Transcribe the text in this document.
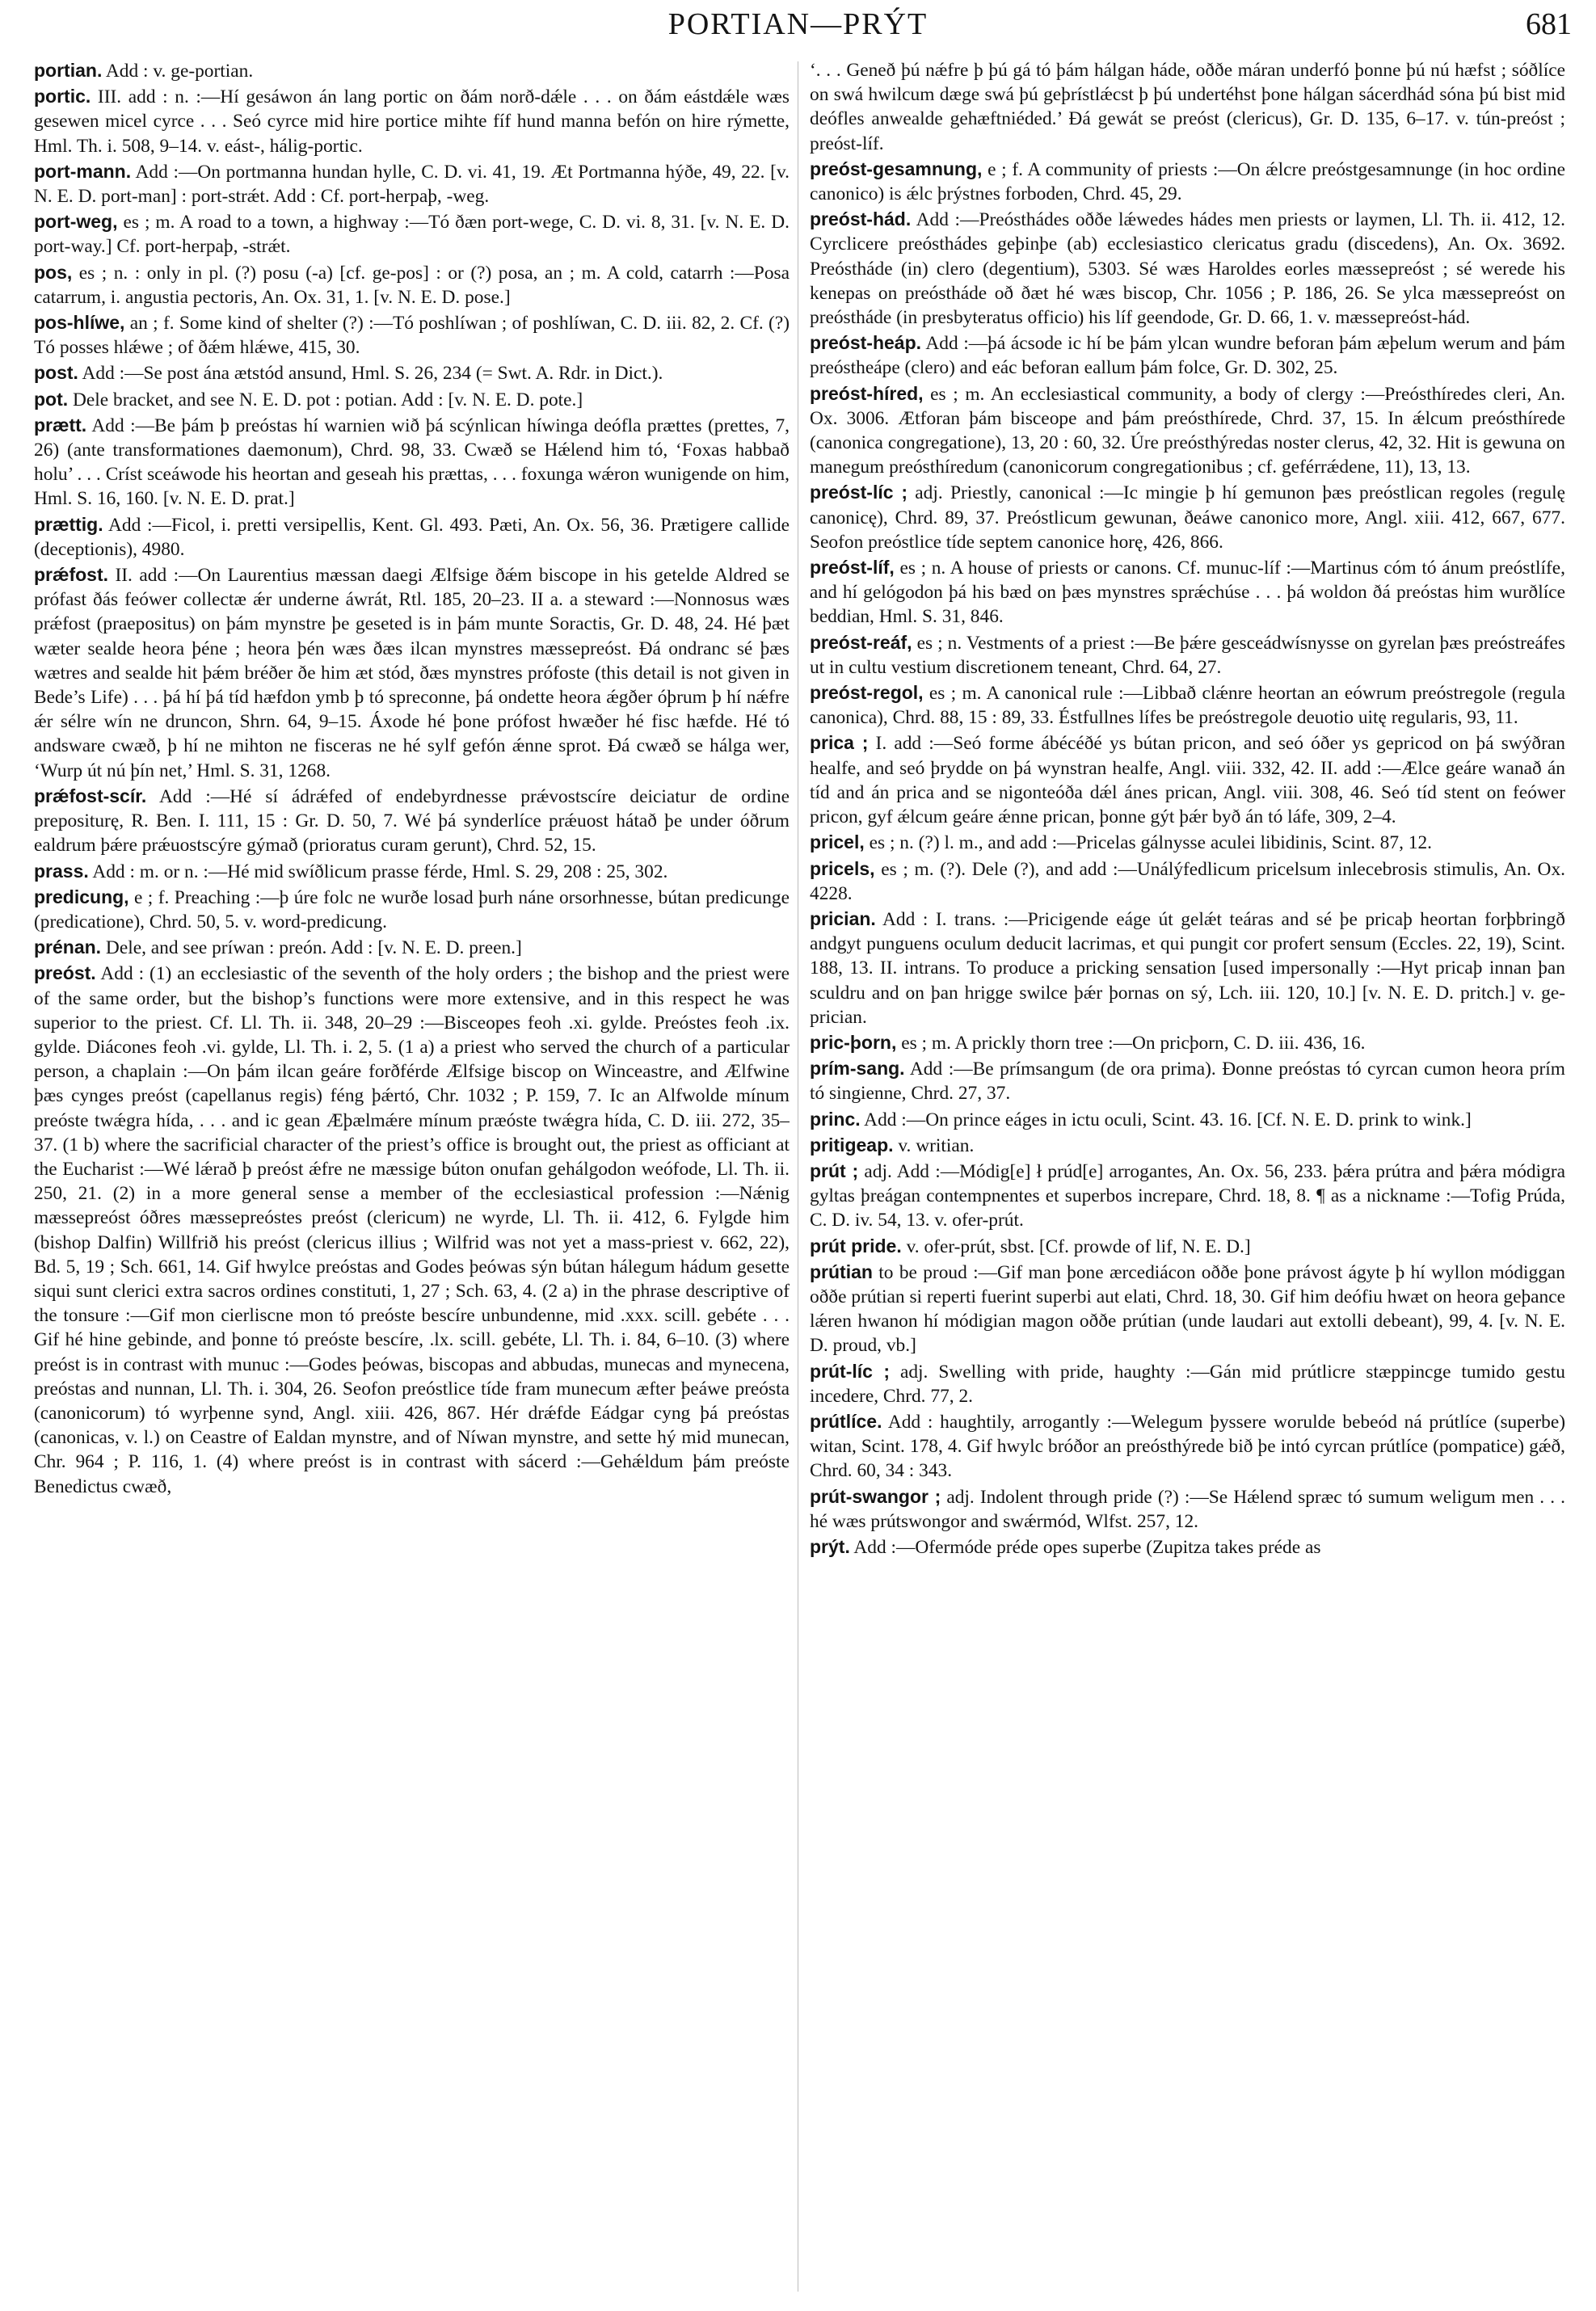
PORTIAN—PRÝT	681

portian. Add : v. ge-portian.

portic. III. add : n. :—Hí gesáwon án lang portic on ðám norð-dǽle . . . on ðám eástdǽle wæs gesewen micel cyrce . . . Seó cyrce mid hire portice mihte fíf hund manna befón on hire rýmette, Hml. Th. i. 508, 9–14. v. eást-, hálig-portic.

port-mann. Add :—On portmanna hundan hylle, C. D. vi. 41, 19. Æt Portmanna hýðe, 49, 22. [v. N. E. D. port-man] : port-strǽt. Add : Cf. port-herpaþ, -weg.

port-weg, es ; m. A road to a town, a highway :—Tó ðæn port-wege, C. D. vi. 8, 31. [v. N. E. D. port-way.] Cf. port-herpaþ, -strǽt.

pos, es ; n. : only in pl. (?) posu (-a) [cf. ge-pos] : or (?) posa, an ; m. A cold, catarrh :—Posa catarrum, i. angustia pectoris, An. Ox. 31, 1. [v. N. E. D. pose.]

pos-hlíwe, an ; f. Some kind of shelter (?) :—Tó poshlíwan ; of poshlíwan, C. D. iii. 82, 2. Cf. (?) Tó posses hlǽwe ; of ðǽm hlǽwe, 415, 30.

post. Add :—Se post ána ætstód ansund, Hml. S. 26, 234 (= Swt. A. Rdr. in Dict.).

pot. Dele bracket, and see N. E. D. pot : potian. Add : [v. N. E. D. pote.]

prætt. Add :—Be þám þ preóstas hí warnien wið þá scýnlican híwinga deófla prættes (prettes, 7, 26) (ante transformationes daemonum), Chrd. 98, 33. Cwæð se Hǽlend him tó, ‘Foxas habbað holu’ . . . Críst sceáwode his heortan and geseah his prættas, . . . foxunga wǽron wunigende on him, Hml. S. 16, 160. [v. N. E. D. prat.]

prættig. Add :—Ficol, i. pretti versipellis, Kent. Gl. 493. Pæti, An. Ox. 56, 36. Prætigere callide (deceptionis), 4980.

prǽfost. II. add :—On Laurentius mæssan daegi Ælfsige ðǽm biscope in his getelde Aldred se prófast ðás feówer collectæ ǽr underne áwrát, Rtl. 185, 20–23. II a. a steward :—Nonnosus wæs prǽfost (praepositus) on þám mynstre þe geseted is in þám munte Soractis, Gr. D. 48, 24. Hé þæt wæter sealde heora þéne ; heora þén wæs ðæs ilcan mynstres mæssepreóst. Ðá ondranc sé þæs wætres and sealde hit þǽm bréðer ðe him æt stód, ðæs mynstres prófoste (this detail is not given in Bede’s Life) . . . þá hí þá tíd hæfdon ymb þ tó spreconne, þá ondette heora ǽgðer óþrum þ hí nǽfre ǽr sélre wín ne druncon, Shrn. 64, 9–15. Áxode hé þone prófost hwæðer hé fisc hæfde. Hé tó andsware cwæð, þ hí ne mihton ne fisceras ne hé sylf gefón ǽnne sprot. Ðá cwæð se hálga wer, ‘Wurp út nú þín net,’ Hml. S. 31, 1268.

prǽfost-scír. Add :—Hé sí ádrǽfed of endebyrdnesse prǽvostscíre deiciatur de ordine prepositurę, R. Ben. I. 111, 15 : Gr. D. 50, 7. Wé þá synderlíce prǽuost hátað þe under óðrum ealdrum þǽre prǽuostscýre gýmað (prioratus curam gerunt), Chrd. 52, 15.

prass. Add : m. or n. :—Hé mid swíðlicum prasse férde, Hml. S. 29, 208 : 25, 302.

predicung, e ; f. Preaching :—þ úre folc ne wurðe losad þurh náne orsorhnesse, bútan predicunge (predicatione), Chrd. 50, 5. v. word-predicung.

prénan. Dele, and see príwan : preón. Add : [v. N. E. D. preen.]

preóst. Add : (1) an ecclesiastic of the seventh of the holy orders ; the bishop and the priest were of the same order, but the bishop’s functions were more extensive, and in this respect he was superior to the priest. Cf. Ll. Th. ii. 348, 20–29 :—Bisceopes feoh .xi. gylde. Preóstes feoh .ix. gylde. Diácones feoh .vi. gylde, Ll. Th. i. 2, 5. (1 a) a priest who served the church of a particular person, a chaplain :—On þám ilcan geáre forðférde Ælfsige biscop on Winceastre, and Ælfwine þæs cynges preóst (capellanus regis) féng þǽrtó, Chr. 1032 ; P. 159, 7. Ic an Alfwolde mínum preóste twǽgra hída, . . . and ic gean Æþælmǽre mínum præóste twǽgra hída, C. D. iii. 272, 35–37. (1 b) where the sacrificial character of the priest’s office is brought out, the priest as officiant at the Eucharist :—Wé lǽrað þ preóst ǽfre ne mæssige búton onufan gehálgodon weófode, Ll. Th. ii. 250, 21. (2) in a more general sense a member of the ecclesiastical profession :—Nǽnig mæssepreóst óðres mæssepreóstes preóst (clericum) ne wyrde, Ll. Th. ii. 412, 6. Fylgde him (bishop Dalfin) Willfrið his preóst (clericus illius ; Wilfrid was not yet a mass-priest v. 662, 22), Bd. 5, 19 ; Sch. 661, 14. Gif hwylce preóstas and Godes þeówas sýn bútan hálegum hádum gesette siqui sunt clerici extra sacros ordines constituti, 1, 27 ; Sch. 63, 4. (2 a) in the phrase descriptive of the tonsure :—Gif mon cierliscne mon tó preóste bescíre unbundenne, mid .xxx. scill. gebéte . . . Gif hé hine gebinde, and þonne tó preóste bescíre, .lx. scill. gebéte, Ll. Th. i. 84, 6–10. (3) where preóst is in contrast with munuc :—Godes þeówas, biscopas and abbudas, munecas and mynecena, preóstas and nunnan, Ll. Th. i. 304, 26. Seofon preóstlice tíde fram munecum æfter þeáwe preósta (canonicorum) tó wyrþenne synd, Angl. xiii. 426, 867. Hér drǽfde Eádgar cyng þá preóstas (canonicas, v. l.) on Ceastre of Ealdan mynstre, and of Níwan mynstre, and sette hý mid munecan, Chr. 964 ; P. 116, 1. (4) where preóst is in contrast with sácerd :—Gehǽldum þám preóste Benedictus cwæð,

‘. . . Geneð þú nǽfre þ þú gá tó þám hálgan háde, oððe máran underfó þonne þú nú hæfst ; sóðlíce on swá hwilcum dæge swá þú geþrístlǽcst þ þú undertéhst þone hálgan sácerdhád sóna þú bist mid deófles anwealde gehæftniéded.’ Ðá gewát se preóst (clericus), Gr. D. 135, 6–17. v. tún-preóst ; preóst-líf.

preóst-gesamnung, e ; f. A community of priests :—On ǽlcre preóstgesamnunge (in hoc ordine canonico) is ǽlc þrýstnes forboden, Chrd. 45, 29.

preóst-hád. Add :—Preósthádes oððe lǽwedes hádes men priests or laymen, Ll. Th. ii. 412, 12. Cyrclicere preósthádes geþinþe (ab) ecclesiastico clericatus gradu (discedens), An. Ox. 3692. Preóstháde (in) clero (degentium), 5303. Sé wæs Haroldes eorles mæssepreóst ; sé werede his kenepas on preósthádе oð ðæt hé wæs biscop, Chr. 1056 ; P. 186, 26. Se ylca mæssepreóst on preósthádе (in presbyteratus officio) his líf geendode, Gr. D. 66, 1. v. mæssepreóst-hád.

preóst-heáp. Add :—þá ácsode ic hí be þám ylcan wundre beforan þám æþelum werum and þám preóstheápe (clero) and eác beforan eallum þám folce, Gr. D. 302, 25.

preóst-híred, es ; m. An ecclesiastical community, a body of clergy :—Preósthíredes cleri, An. Ox. 3006. Ætforan þám bisceope and þám preósthírede, Chrd. 37, 15. In ǽlcum preósthírede (canonica congregatione), 13, 20 : 60, 32. Úre preósthýredas noster clerus, 42, 32. Hit is gewuna on manegum preósthíredum (canonicorum congregationibus ; cf. geférrǽdene, 11), 13, 13.

preóst-líc ; adj. Priestly, canonical :—Ic mingie þ hí gemunon þæs preóstlican regoles (regulę canonicę), Chrd. 89, 37. Preóstlicum gewunan, ðeáwe canonico more, Angl. xiii. 412, 667, 677. Seofon preóstlice tíde septem canonice horę, 426, 866.

preóst-líf, es ; n. A house of priests or canons. Cf. munuc-líf :—Martinus cóm tó ánum preóstlífe, and hí gelógodon þá his bæd on þæs mynstres sprǽchúse . . . þá woldon ðá preóstas him wurðlíce beddian, Hml. S. 31, 846.

preóst-reáf, es ; n. Vestments of a priest :—Be þǽre gesceádwísnysse on gyrelan þæs preóstreáfes ut in cultu vestium discretionem teneant, Chrd. 64, 27.

preóst-regol, es ; m. A canonical rule :—Libbað clǽnre heortan an eówrum preóstregole (regula canonica), Chrd. 88, 15 : 89, 33. Éstfullnes lífes be preóstregole deuotio uitę regularis, 93, 11.

prica ; I. add :—Seó forme ábécéðé ys bútan pricon, and seó óðer ys gepricod on þá swýðran healfe, and seó þrydde on þá wynstran healfe, Angl. viii. 332, 42. II. add :—Ælce geáre wanað án tíd and án prica and se nigonteóða dǽl ánes prican, Angl. viii. 308, 46. Seó tíd stent on feówer pricon, gyf ǽlcum geáre ǽnne prican, þonne gýt þǽr byð án tó láfe, 309, 2–4.

pricel, es ; n. (?) l. m., and add :—Pricelas gálnysse aculei libidinis, Scint. 87, 12.

pricels, es ; m. (?). Dele (?), and add :—Unálýfedlicum pricelsum inlecebrosis stimulis, An. Ox. 4228.

prician. Add : I. trans. :—Pricigende eáge út gelǽt teáras and sé þe pricaþ heortan forþbringð andgyt punguens oculum deducit lacrimas, et qui pungit cor profert sensum (Eccles. 22, 19), Scint. 188, 13. II. intrans. To produce a pricking sensation [used impersonally :—Hyt pricaþ innan þan sculdru and on þan hrigge swilce þǽr þornas on sý, Lch. iii. 120, 10.] [v. N. E. D. pritch.] v. ge-prician.

pric-þorn, es ; m. A prickly thorn tree :—On pricþorn, C. D. iii. 436, 16.

prím-sang. Add :—Be prímsangum (de ora prima). Ðonne preóstas tó cyrcan cumon heora prím tó singienne, Chrd. 27, 37.

princ. Add :—On prince eáges in ictu oculi, Scint. 43. 16. [Cf. N. E. D. prink to wink.]

pritigeap. v. writian.

prút ; adj. Add :—Módig[e] ł prúd[e] arrogantes, An. Ox. 56, 233. þǽra prútra and þǽra módigra gyltas þreágan contempnentes et superbos increpare, Chrd. 18, 8. ¶ as a nickname :—Tofig Prúda, C. D. iv. 54, 13. v. ofer-prút.

prút pride. v. ofer-prút, sbst. [Cf. prowde of lif, N. E. D.]

prútian to be proud :—Gif man þone ærcediácon oððe þone právost ágyte þ hí wyllon módiggan oððe prútian si reperti fuerint superbi aut elati, Chrd. 18, 30. Gif him deófiu hwæt on heora geþance lǽren hwanon hí módigian magon oððe prútian (unde laudari aut extolli debeant), 99, 4. [v. N. E. D. proud, vb.]

prút-líc ; adj. Swelling with pride, haughty :—Gán mid prútlicre stæppincge tumido gestu incedere, Chrd. 77, 2.

prútlíce. Add : haughtily, arrogantly :—Welegum þyssere worulde bebeód ná prútlíce (superbe) witan, Scint. 178, 4. Gif hwylc bróðor an preósthýrede bið þe intó cyrcan prútlíce (pompatice) gǽð, Chrd. 60, 34 : 343.

prút-swangor ; adj. Indolent through pride (?) :—Se Hǽlend spræc tó sumum weligum men . . . hé wæs prútswongor and swǽrmód, Wlfst. 257, 12.

prýt. Add :—Ofermóde préde opes superbe (Zupitza takes préde as
